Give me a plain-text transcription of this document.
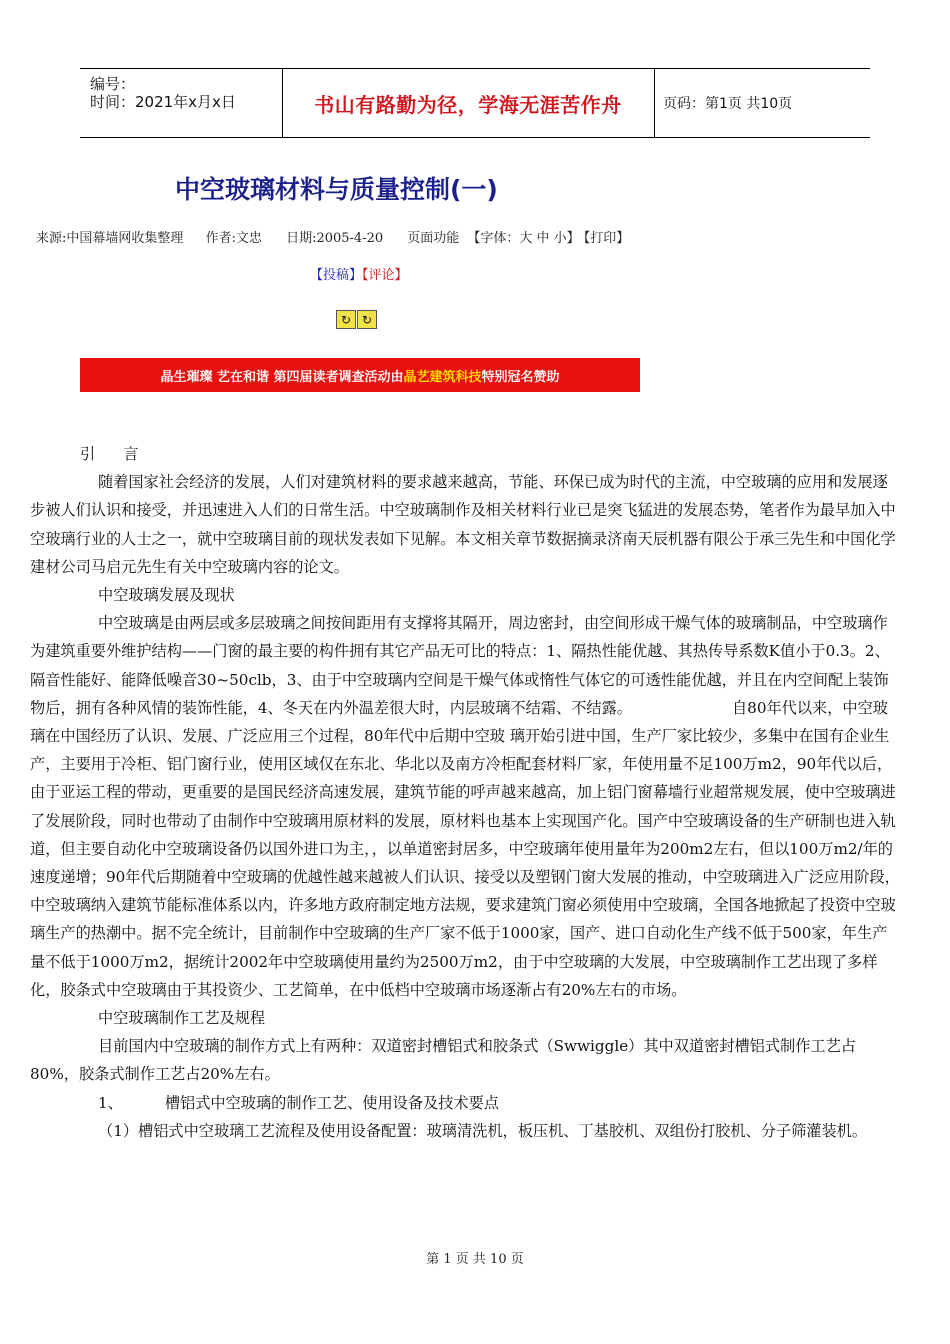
编号：
时间：2021年x月x日	书山有路勤为径，学海无涯苦作舟	页码：第1页 共10页
中空玻璃材料与质量控制(一)
来源:中国幕墙网收集整理 作者:文忠 日期:2005-4-20 页面功能 【字体：大 中 小】 【打印】
【投稿】【评论】
↻ ↻
晶生璀璨 艺在和谐 第四届读者调查活动由晶艺建筑科技特别冠名赞助

引言

随着国家社会经济的发展，人们对建筑材料的要求越来越高，节能、环保已成为时代的主流，中空玻璃的应用和发展逐步被人们认识和接受，并迅速进入人们的日常生活。中空玻璃制作及相关材料行业已是突飞猛进的发展态势，笔者作为最早加入中空玻璃行业的人士之一，就中空玻璃目前的现状发表如下见解。本文相关章节数据摘录济南天辰机器有限公于承三先生和中国化学建材公司马启元先生有关中空玻璃内容的论文。

中空玻璃发展及现状

中空玻璃是由两层或多层玻璃之间按间距用有支撑将其隔开，周边密封，由空间形成干燥气体的玻璃制品，中空玻璃作为建筑重要外维护结构——门窗的最主要的构件拥有其它产品无可比的特点：1、隔热性能优越、其热传导系数K值小于0.3。2、隔音性能好、能降低噪音30~50clb，3、由于中空玻璃内空间是干燥气体或惰性气体它的可透性能优越，并且在内空间配上装饰物后，拥有各种风情的装饰性能，4、冬天在内外温差很大时，内层玻璃不结霜、不结露。	自80年代以来，中空玻璃在中国经历了认识、发展、广泛应用三个过程，80年代中后期中空玻 璃开始引进中国，生产厂家比较少，多集中在国有企业生产，主要用于冷柜、铝门窗行业，使用区域仅在东北、华北以及南方冷柜配套材料厂家，年使用量不足100万m2，90年代以后，由于亚运工程的带动，更重要的是国民经济高速发展，建筑节能的呼声越来越高，加上铝门窗幕墙行业超常规发展，使中空玻璃进了发展阶段，同时也带动了由制作中空玻璃用原材料的发展，原材料也基本上实现国产化。国产中空玻璃设备的生产研制也进入轨道，但主要自动化中空玻璃设备仍以国外进口为主，，以单道密封居多，中空玻璃年使用量年为200m2左右，但以100万m2/年的速度递增；90年代后期随着中空玻璃的优越性越来越被人们认识、接受以及塑钢门窗大发展的推动，中空玻璃进入广泛应用阶段，中空玻璃纳入建筑节能标准体系以内，许多地方政府制定地方法规，要求建筑门窗必须使用中空玻璃，全国各地掀起了投资中空玻璃生产的热潮中。据不完全统计，目前制作中空玻璃的生产厂家不低于1000家，国产、进口自动化生产线不低于500家，年生产量不低于1000万m2，据统计2002年中空玻璃使用量约为2500万m2，由于中空玻璃的大发展，中空玻璃制作工艺出现了多样化，胶条式中空玻璃由于其投资少、工艺简单，在中低档中空玻璃市场逐渐占有20%左右的市场。

中空玻璃制作工艺及规程

目前国内中空玻璃的制作方式上有两种：双道密封槽铝式和胶条式（Swwiggle）其中双道密封槽铝式制作工艺占80%，胶条式制作工艺占20%左右。

1、	槽铝式中空玻璃的制作工艺、使用设备及技术要点

（1）槽铝式中空玻璃工艺流程及使用设备配置：玻璃清洗机，板压机、丁基胶机、双组份打胶机、分子筛灌装机。

第 1 页 共 10 页
